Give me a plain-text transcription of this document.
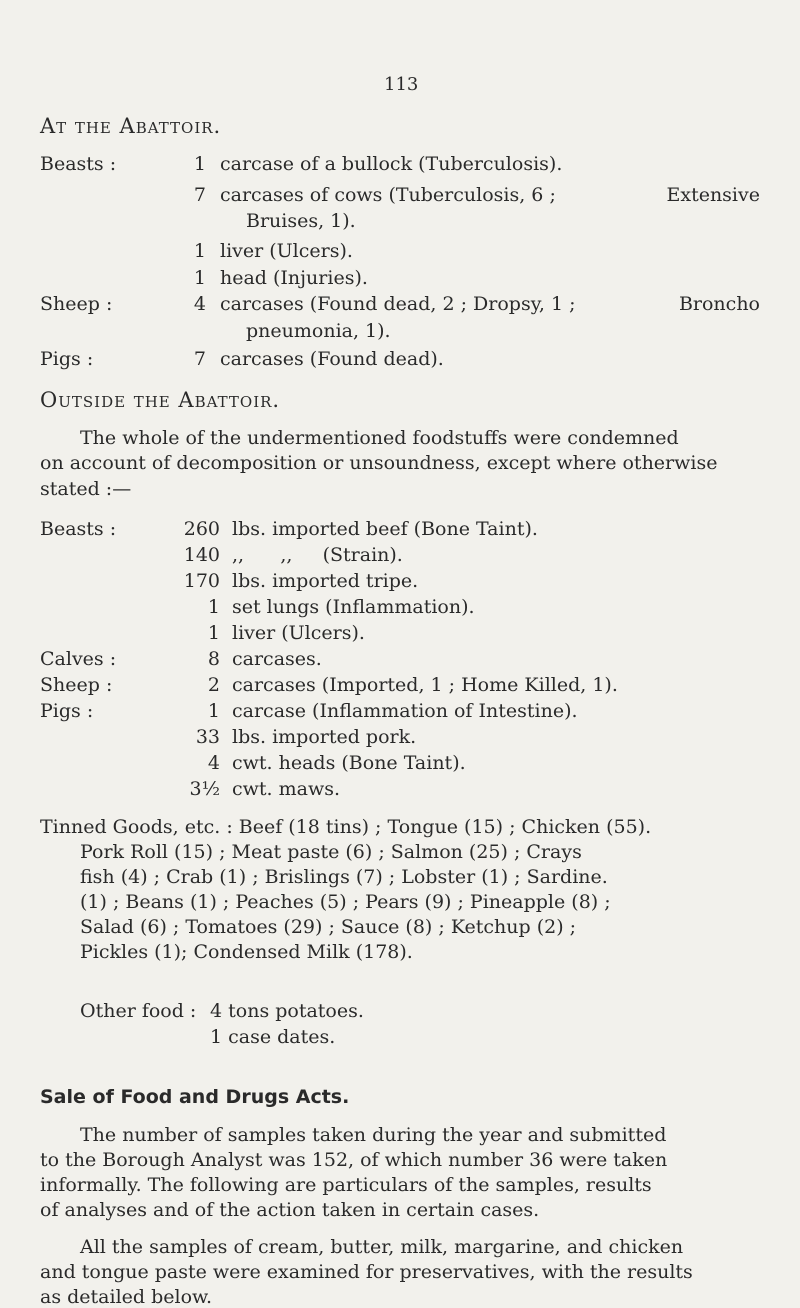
113
At the Abattoir.
Beasts :	1 carcase of a bullock (Tuberculosis).
7 carcases of cows (Tuberculosis, 6 ;	Extensive
Bruises, 1).
1 liver (Ulcers).
1 head (Injuries).
Sheep :	4 carcases (Found dead, 2 ; Dropsy, 1 ;	Broncho
pneumonia, 1).
Pigs :	7 carcases (Found dead).
Outside the Abattoir.
The whole of the undermentioned foodstuffs were condemned
on account of decomposition or unsoundness, except where otherwise
stated :—
Beasts :	260 lbs. imported beef (Bone Taint).
140 ,,      ,,     (Strain).
170 lbs. imported tripe.
1 set lungs (Inflammation).
1 liver (Ulcers).
Calves :	8 carcases.
Sheep :	2 carcases (Imported, 1 ; Home Killed, 1).
Pigs :	1 carcase (Inflammation of Intestine).
33 lbs. imported pork.
4 cwt. heads (Bone Taint).
3½ cwt. maws.
Tinned Goods, etc. : Beef (18 tins) ; Tongue (15) ; Chicken (55).
Pork Roll (15) ; Meat paste (6) ; Salmon (25) ; Crays
fish (4) ; Crab (1) ; Brislings (7) ; Lobster (1) ; Sardine.
(1) ; Beans (1) ; Peaches (5) ; Pears (9) ; Pineapple (8) ;
Salad (6) ; Tomatoes (29) ; Sauce (8) ; Ketchup (2) ;
Pickles (1); Condensed Milk (178).
Sale of Food and Drugs Acts.
The number of samples taken during the year and submitted
to the Borough Analyst was 152, of which number 36 were taken
informally. The following are particulars of the samples, results
of analyses and of the action taken in certain cases.
All the samples of cream, butter, milk, margarine, and chicken
and tongue paste were examined for preservatives, with the results
as detailed below.
Other food : 4 tons potatoes.
1 case dates.
